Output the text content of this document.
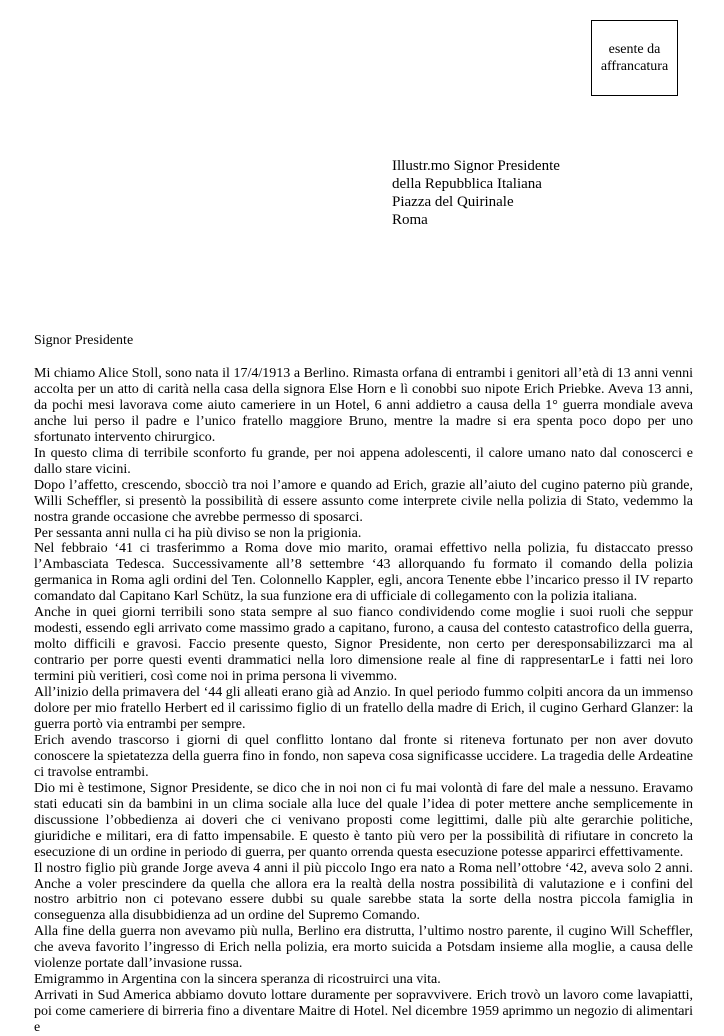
esente da
affrancatura
Illustr.mo Signor Presidente
della Repubblica Italiana
Piazza del Quirinale
Roma
Signor Presidente

Mi chiamo Alice Stoll, sono nata il 17/4/1913 a Berlino. Rimasta orfana di entrambi i genitori all’età di 13 anni venni accolta per un atto di carità nella casa della signora Else Horn e lì conobbi suo nipote Erich Priebke. Aveva 13 anni, da pochi mesi lavorava come aiuto cameriere in un Hotel, 6 anni addietro a causa della 1° guerra mondiale aveva anche lui perso il padre e l’unico fratello maggiore Bruno, mentre la madre si era spenta poco dopo per uno sfortunato intervento chirurgico.

In questo clima di terribile sconforto fu grande, per noi appena adolescenti, il calore umano nato dal conoscerci e dallo stare vicini.

Dopo l’affetto, crescendo, sbocciò tra noi l’amore e quando ad Erich, grazie all’aiuto del cugino paterno più grande, Willi Scheffler, si presentò la possibilità di essere assunto come interprete civile nella polizia di Stato, vedemmo la nostra grande occasione che avrebbe permesso di sposarci.

Per sessanta anni nulla ci ha più diviso se non la prigionia.

Nel febbraio ‘41 ci trasferimmo a Roma dove mio marito, oramai effettivo nella polizia, fu distaccato presso l’Ambasciata Tedesca. Successivamente all’8 settembre ‘43 allorquando fu formato il comando della polizia germanica in Roma agli ordini del Ten. Colonnello Kappler, egli, ancora Tenente ebbe l’incarico presso il IV reparto comandato dal Capitano Karl Schütz, la sua funzione era di ufficiale di collegamento con la polizia italiana.

Anche in quei giorni terribili sono stata sempre al suo fianco condividendo come moglie i suoi ruoli che seppur modesti, essendo egli arrivato come massimo grado a capitano, furono, a causa del contesto catastrofico della guerra, molto difficili e gravosi. Faccio presente questo, Signor Presidente, non certo per deresponsabilizzarci ma al contrario per porre questi eventi drammatici nella loro dimensione reale al fine di rappresentarLe i fatti nei loro termini più veritieri, così come noi in prima persona li vivemmo.

All’inizio della primavera del ‘44 gli alleati erano già ad Anzio. In quel periodo fummo colpiti ancora da un immenso dolore per mio fratello Herbert ed il carissimo figlio di un fratello della madre di Erich, il cugino Gerhard Glanzer: la guerra portò via entrambi per sempre.

Erich avendo trascorso i giorni di quel conflitto lontano dal fronte si riteneva fortunato per non aver dovuto conoscere la spietatezza della guerra fino in fondo, non sapeva cosa significasse uccidere. La tragedia delle Ardeatine ci travolse entrambi.

Dio mi è testimone, Signor Presidente, se dico che in noi non ci fu mai volontà di fare del male a nessuno. Eravamo stati educati sin da bambini in un clima sociale alla luce del quale l’idea di poter mettere anche semplicemente in discussione l’obbedienza ai doveri che ci venivano proposti come legittimi, dalle più alte gerarchie politiche, giuridiche e militari, era di fatto impensabile. E questo è tanto più vero per la possibilità di rifiutare in concreto la esecuzione di un ordine in periodo di guerra, per quanto orrenda questa esecuzione potesse apparirci effettivamente.

Il nostro figlio più grande Jorge aveva 4 anni il più piccolo Ingo era nato a Roma nell’ottobre ‘42, aveva solo 2 anni. Anche a voler prescindere da quella che allora era la realtà della nostra possibilità di valutazione e i confini del nostro arbitrio non ci potevano essere dubbi su quale sarebbe stata la sorte della nostra piccola famiglia in conseguenza alla disubbidienza ad un ordine del Supremo Comando.

Alla fine della guerra non avevamo più nulla, Berlino era distrutta, l’ultimo nostro parente, il cugino Will Scheffler, che aveva favorito l’ingresso di Erich nella polizia, era morto suicida a Potsdam insieme alla moglie, a causa delle violenze portate dall’invasione russa.

Emigrammo in Argentina con la sincera speranza di ricostruirci una vita.

Arrivati in Sud America abbiamo dovuto lottare duramente per sopravvivere. Erich trovò un lavoro come lavapiatti, poi come cameriere di birreria fino a diventare Maitre di Hotel. Nel dicembre 1959 aprimmo un negozio di alimentari e
